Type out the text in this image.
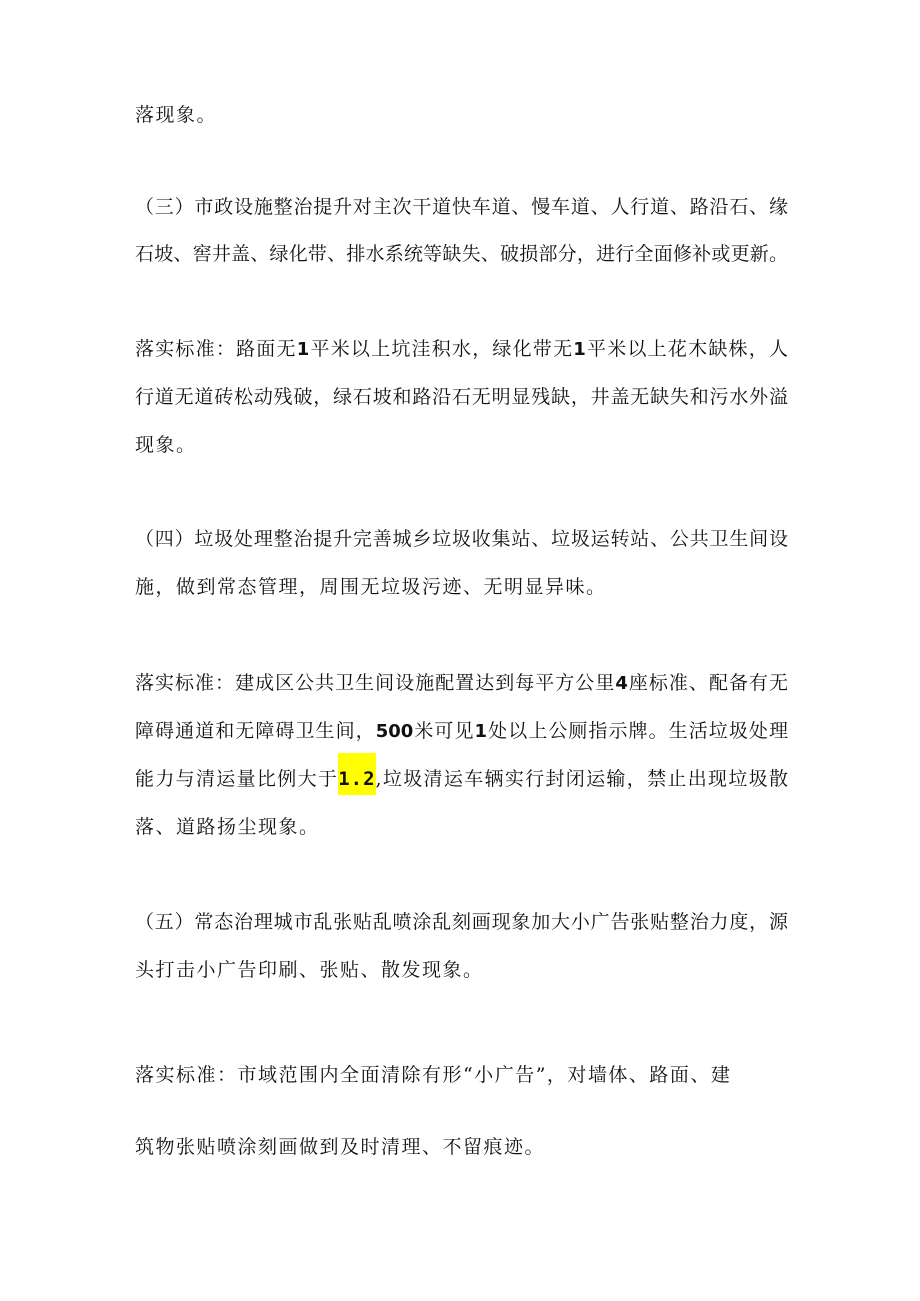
落现象。
（三）市政设施整治提升对主次干道快车道、慢车道、人行道、路沿石、缘
石坡、窖井盖、绿化带、排水系统等缺失、破损部分，进行全面修补或更新。
落实标准：路面无1平米以上坑洼积水，绿化带无1平米以上花木缺株，人
行道无道砖松动残破，绿石坡和路沿石无明显残缺，井盖无缺失和污水外溢
现象。
（四）垃圾处理整治提升完善城乡垃圾收集站、垃圾运转站、公共卫生间设
施，做到常态管理，周围无垃圾污迹、无明显异味。
落实标准：建成区公共卫生间设施配置达到每平方公里4座标准、配备有无
障碍通道和无障碍卫生间，500米可见1处以上公厕指示牌。生活垃圾处理
能力与清运量比例大于1.2,垃圾清运车辆实行封闭运输，禁止出现垃圾散
落、道路扬尘现象。
（五）常态治理城市乱张贴乱喷涂乱刻画现象加大小广告张贴整治力度，源
头打击小广告印刷、张贴、散发现象。
落实标准：市域范围内全面清除有形“小广告”，对墙体、路面、建
筑物张贴喷涂刻画做到及时清理、不留痕迹。
